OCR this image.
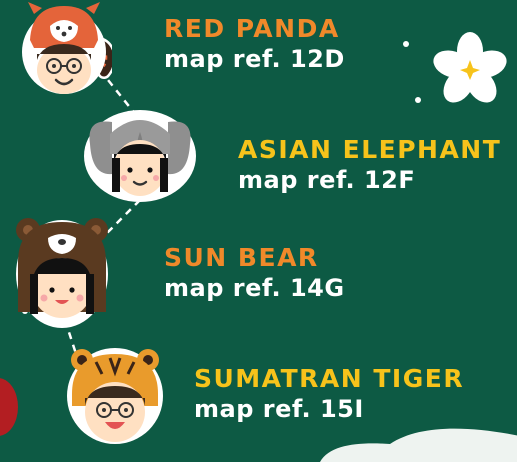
RED PANDA
map ref. 12D
ASIAN ELEPHANT
map ref. 12F
SUN BEAR
map ref. 14G
SUMATRAN TIGER
map ref. 15I
